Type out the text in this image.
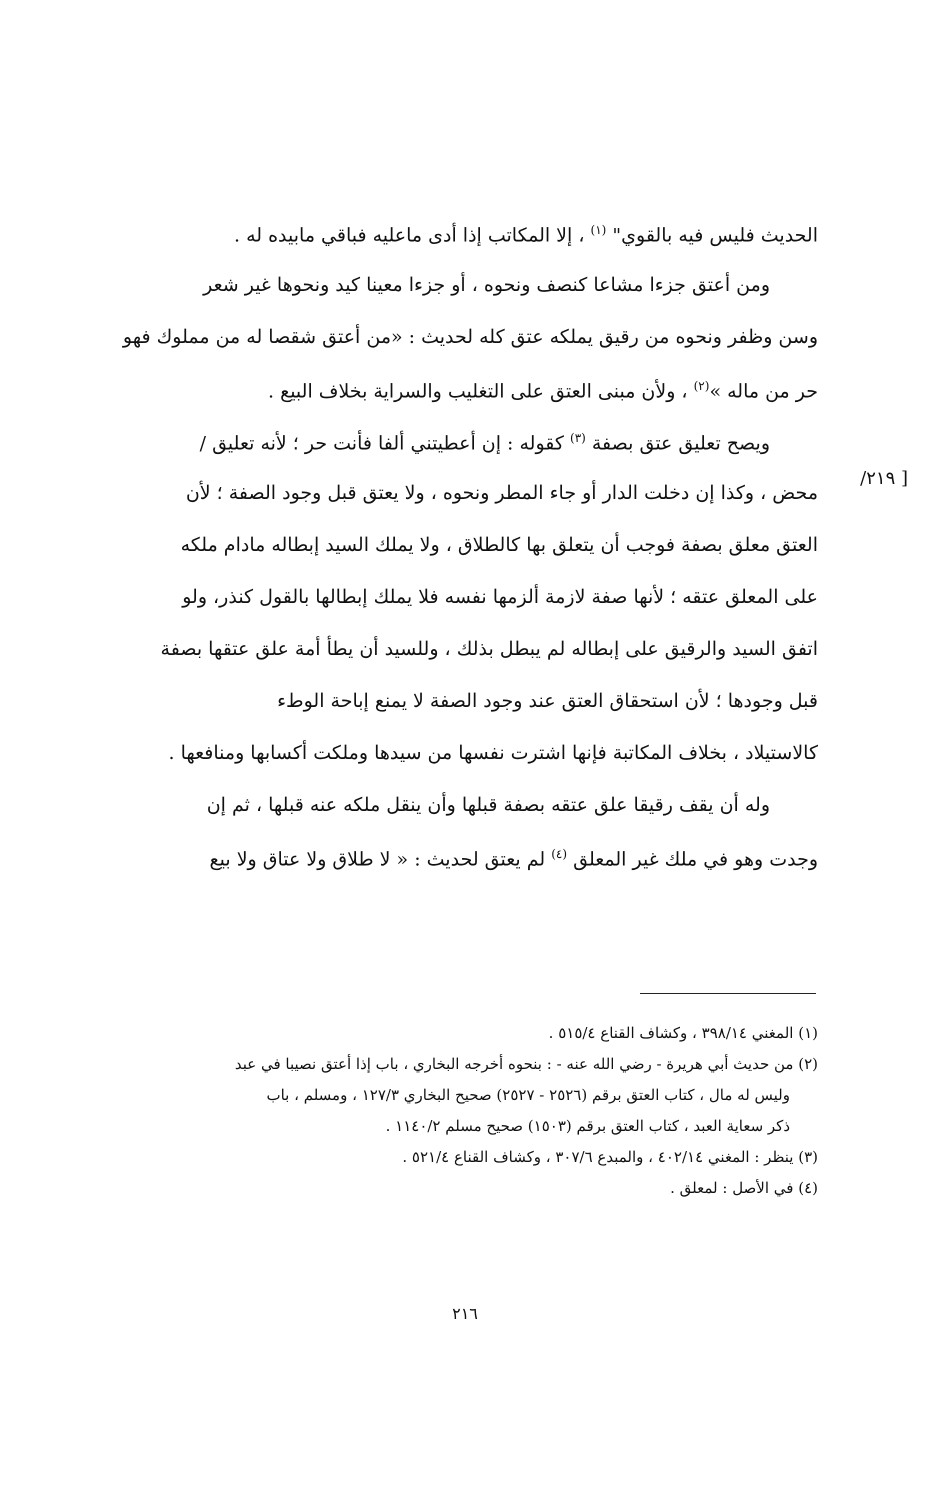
الحديث فليس فيه بالقوي" $^{(١)}$ ، إلا المكاتب إذا أدى ماعليه فباقي مابيده له .
ومن أعتق جزءا مشاعا كنصف ونحوه ، أو جزءا معينا كيد ونحوها غير شعر
وسن وظفر ونحوه من رقيق يملكه عتق كله لحديث : «من أعتق شقصا له من مملوك فهو
حر من ماله »$^{(٢)}$ ، ولأن مبنى العتق على التغليب والسراية بخلاف البيع .
ويصح تعليق عتق بصفة $^{(٣)}$ كقوله : إن أعطيتني ألفا فأنت حر ؛ لأنه تعليق /
محض ، وكذا إن دخلت الدار أو جاء المطر ونحوه ، ولا يعتق قبل وجود الصفة ؛ لأن
العتق معلق بصفة فوجب أن يتعلق بها كالطلاق ، ولا يملك السيد إبطاله مادام ملكه
على المعلق عتقه ؛ لأنها صفة لازمة ألزمها نفسه فلا يملك إبطالها بالقول كنذر، ولو
اتفق السيد والرقيق على إبطاله لم يبطل بذلك ، وللسيد أن يطأ أمة علق عتقها بصفة
قبل وجودها ؛ لأن استحقاق العتق عند وجود الصفة لا يمنع إباحة الوطء
كالاستيلاد ، بخلاف المكاتبة فإنها اشترت نفسها من سيدها وملكت أكسابها ومنافعها .
وله أن يقف رقيقا علق عتقه بصفة قبلها وأن ينقل ملكه عنه قبلها ، ثم إن
وجدت وهو في ملك غير المعلق $^{(٤)}$ لم يعتق لحديث : « لا طلاق ولا عتاق ولا بيع
[ ٢١٩/
(١) المغني ٣٩٨/١٤ ، وكشاف القناع ٥١٥/٤ .
(٢) من حديث أبي هريرة - رضي الله عنه - : بنحوه أخرجه البخاري ، باب إذا أعتق نصيبا في عبد
وليس له مال ، كتاب العتق برقم (٢٥٢٦ - ٢٥٢٧) صحيح البخاري ١٢٧/٣ ، ومسلم ، باب
ذكر سعاية العبد ، كتاب العتق برقم (١٥٠٣) صحيح مسلم ١١٤٠/٢ .
(٣) ينظر : المغني ٤٠٢/١٤ ، والمبدع ٣٠٧/٦ ، وكشاف القناع ٥٢١/٤ .
(٤) في الأصل : لمعلق .
٢١٦
